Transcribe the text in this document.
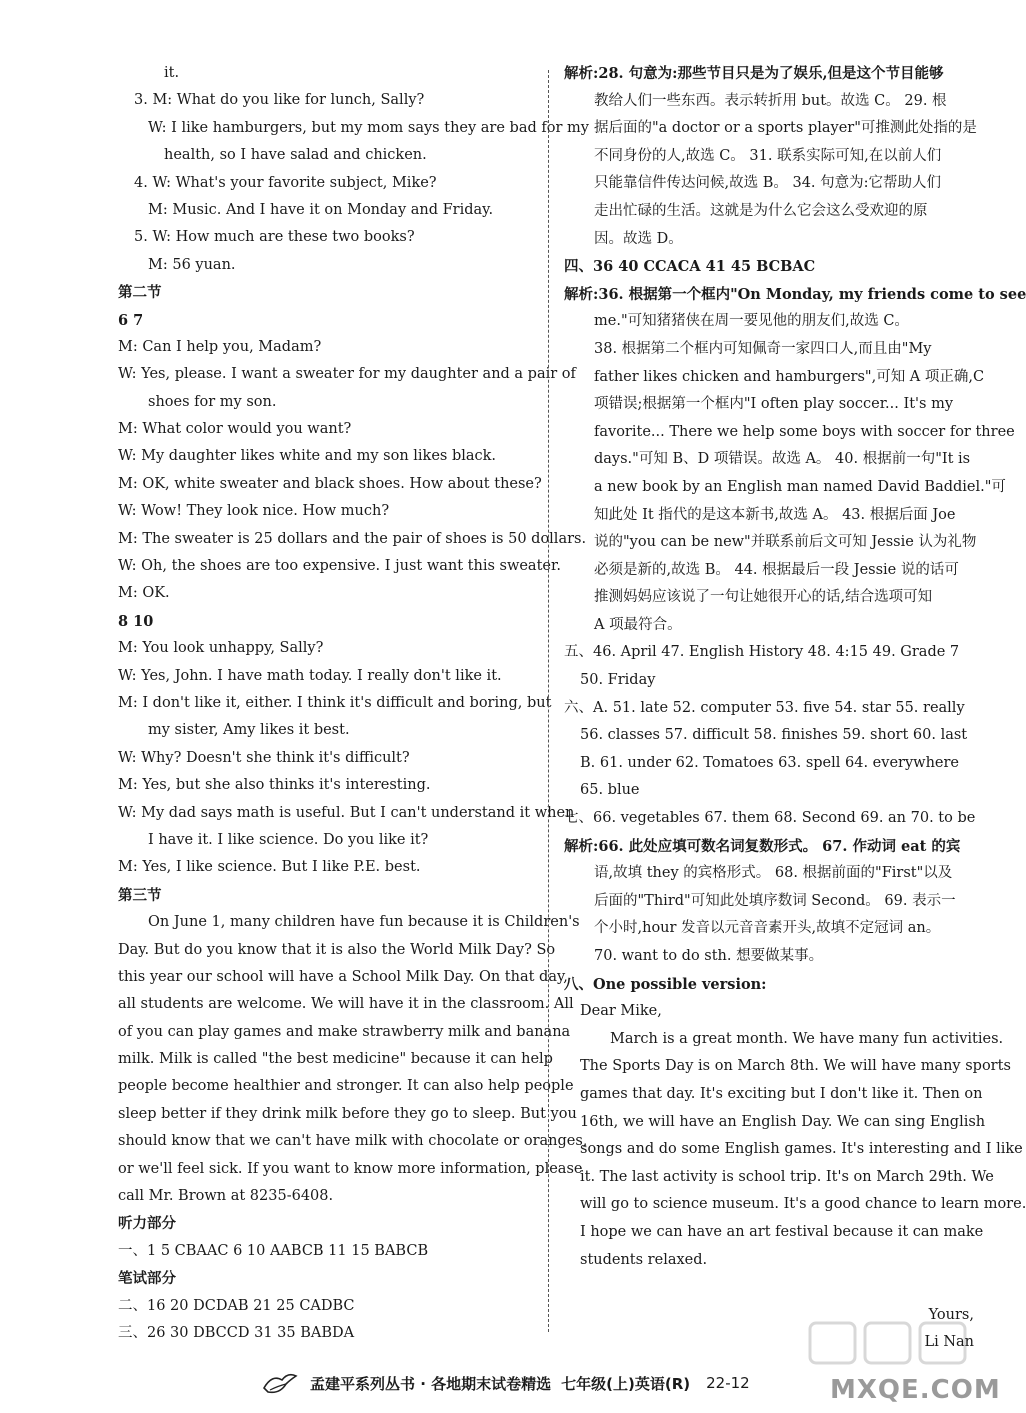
it.
3. M: What do you like for lunch, Sally?
W: I like hamburgers, but my mom says they are bad for my
health, so I have salad and chicken.
4. W: What's your favorite subject, Mike?
M: Music. And I have it on Monday and Friday.
5. W: How much are these two books?
M: 56 yuan.
第二节
6 7
M: Can I help you, Madam?
W: Yes, please. I want a sweater for my daughter and a pair of
shoes for my son.
M: What color would you want?
W: My daughter likes white and my son likes black.
M: OK, white sweater and black shoes. How about these?
W: Wow! They look nice. How much?
M: The sweater is 25 dollars and the pair of shoes is 50 dollars.
W: Oh, the shoes are too expensive. I just want this sweater.
M: OK.
8 10
M: You look unhappy, Sally?
W: Yes, John. I have math today. I really don't like it.
M: I don't like it, either. I think it's difficult and boring, but
my sister, Amy likes it best.
W: Why? Doesn't she think it's difficult?
M: Yes, but she also thinks it's interesting.
W: My dad says math is useful. But I can't understand it when
I have it. I like science. Do you like it?
M: Yes, I like science. But I like P.E. best.
第三节
On June 1, many children have fun because it is Children's
Day. But do you know that it is also the World Milk Day? So
this year our school will have a School Milk Day. On that day,
all students are welcome. We will have it in the classroom. All
of you can play games and make strawberry milk and banana
milk. Milk is called "the best medicine" because it can help
people become healthier and stronger. It can also help people
sleep better if they drink milk before they go to sleep. But you
should know that we can't have milk with chocolate or oranges,
or we'll feel sick. If you want to know more information, please
call Mr. Brown at 8235-6408.
听力部分
一、1 5 CBAAC 6 10 AABCB 11 15 BABCB
笔试部分
二、16 20 DCDAB 21 25 CADBC
三、26 30 DBCCD 31 35 BABDA
解析:28. 句意为:那些节目只是为了娱乐,但是这个节目能够
教给人们一些东西。表示转折用 but。故选 C。 29. 根
据后面的"a doctor or a sports player"可推测此处指的是
不同身份的人,故选 C。 31. 联系实际可知,在以前人们
只能靠信件传达问候,故选 B。 34. 句意为:它帮助人们
走出忙碌的生活。这就是为什么它会这么受欢迎的原
因。故选 D。
四、36 40 CCACA 41 45 BCBAC
解析:36. 根据第一个框内"On Monday, my friends come to see
me."可知猪猪侠在周一要见他的朋友们,故选 C。
38. 根据第二个框内可知佩奇一家四口人,而且由"My
father likes chicken and hamburgers",可知 A 项正确,C
项错误;根据第一个框内"I often play soccer... It's my
favorite... There we help some boys with soccer for three
days."可知 B、D 项错误。故选 A。 40. 根据前一句"It is
a new book by an English man named David Baddiel."可
知此处 It 指代的是这本新书,故选 A。 43. 根据后面 Joe
说的"you can be new"并联系前后文可知 Jessie 认为礼物
必须是新的,故选 B。 44. 根据最后一段 Jessie 说的话可
推测妈妈应该说了一句让她很开心的话,结合选项可知
A 项最符合。
五、46. April 47. English History 48. 4:15 49. Grade 7
50. Friday
六、A. 51. late 52. computer 53. five 54. star 55. really
56. classes 57. difficult 58. finishes 59. short 60. last
B. 61. under 62. Tomatoes 63. spell 64. everywhere
65. blue
七、66. vegetables 67. them 68. Second 69. an 70. to be
解析:66. 此处应填可数名词复数形式。 67. 作动词 eat 的宾
语,故填 they 的宾格形式。 68. 根据前面的"First"以及
后面的"Third"可知此处填序数词 Second。 69. 表示一
个小时,hour 发音以元音音素开头,故填不定冠词 an。
70. want to do sth. 想要做某事。
八、One possible version:
Dear Mike,
March is a great month. We have many fun activities.
The Sports Day is on March 8th. We will have many sports
games that day. It's exciting but I don't like it. Then on
16th, we will have an English Day. We can sing English
songs and do some English games. It's interesting and I like
it. The last activity is school trip. It's on March 29th. We
will go to science museum. It's a good chance to learn more.
I hope we can have an art festival because it can make
students relaxed.
Yours,
Li Nan
孟建平系列丛书 · 各地期末试卷精选 七年级(上)英语(R) 22-12	MXQE.COM
